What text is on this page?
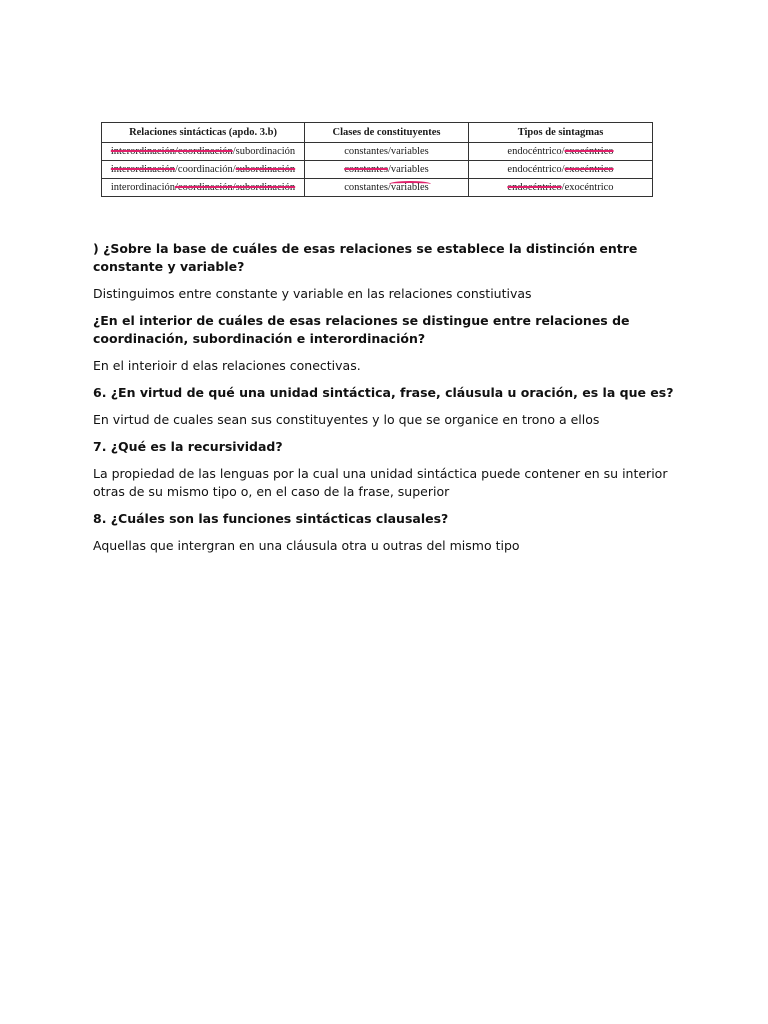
Relaciones sintácticas (apdo. 3.b)	Clases de constituyentes	Tipos de sintagmas
interordinación/coordinación/subordinación	constantes/variables	endocéntrico/exocéntrico
interordinación/coordinación/subordinación	constantes/variables	endocéntrico/exocéntrico
interordinación/coordinación/subordinación	constantes/variables	endocéntrico/exocéntrico

) ¿Sobre la base de cuáles de esas relaciones se establece la distinción entre constante y variable?

Distinguimos entre constante y variable en las relaciones constiutivas

¿En el interior de cuáles de esas relaciones se distingue entre relaciones de coordinación, subordinación e interordinación?

En el interioir d elas relaciones conectivas.

6. ¿En virtud de qué una unidad sintáctica, frase, cláusula u oración, es la que es?

En virtud de cuales sean sus constituyentes y lo que se organice en trono a ellos

7. ¿Qué es la recursividad?

La propiedad de las lenguas por la cual una unidad sintáctica puede contener en su interior otras de su mismo tipo o, en el caso de la frase, superior

8. ¿Cuáles son las funciones sintácticas clausales?

Aquellas que intergran en una cláusula otra u outras del mismo tipo
